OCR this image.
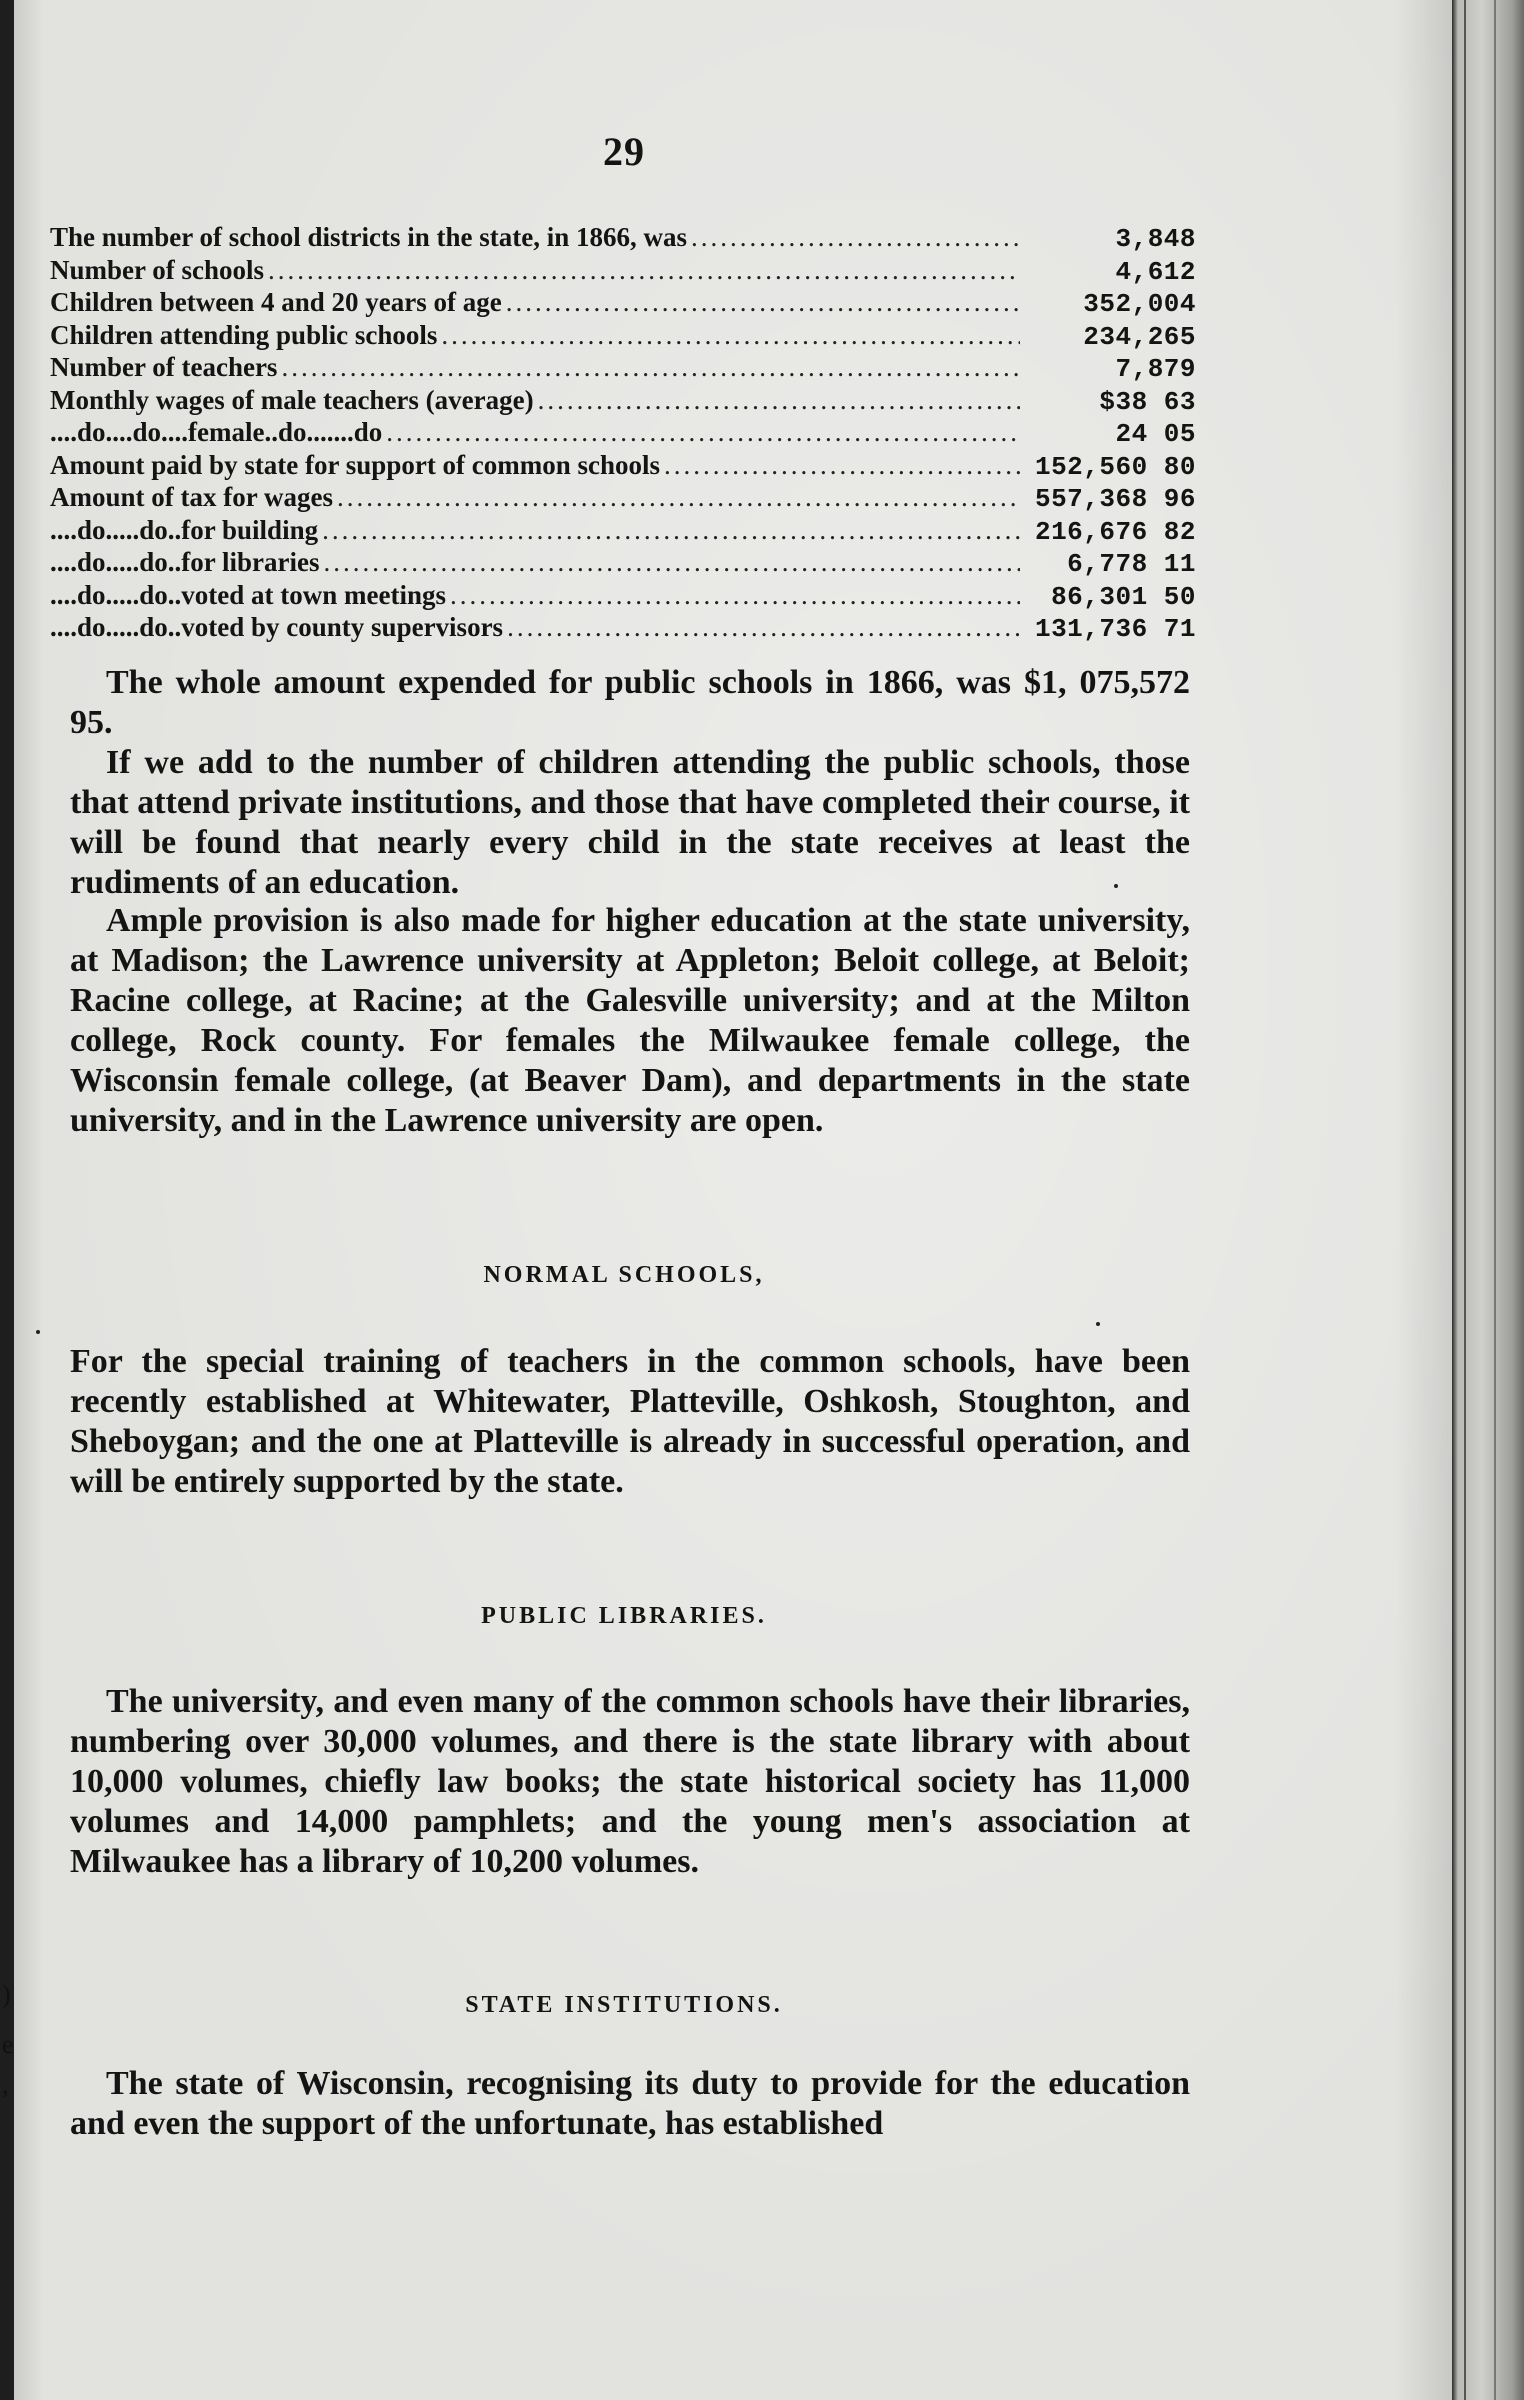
29
The number of school districts in the state, in 1866, was .....	3,848
Number of schools .....	4,612
Children between 4 and 20 years of age .....	352,004
Children attending public schools .....	234,265
Number of teachers .....	7,879
Monthly wages of male teachers (average) .....	$38 63
....do....do....female..do.......do .....	24 05
Amount paid by state for support of common schools .....	152,560 80
Amount of tax for wages .....	557,368 96
....do.....do..for building .....	216,676 82
....do.....do..for libraries .....	6,778 11
....do.....do..voted at town meetings .....	86,301 50
....do.....do..voted by county supervisors .....	131,736 71

The whole amount expended for public schools in 1866, was $1, 075,572 95.

If we add to the number of children attending the public schools, those that attend private institutions, and those that have completed their course, it will be found that nearly every child in the state receives at least the rudiments of an education.

Ample provision is also made for higher education at the state university, at Madison; the Lawrence university at Appleton; Beloit college, at Beloit; Racine college, at Racine; at the Galesville university; and at the Milton college, Rock county. For females the Milwaukee female college, the Wisconsin female college, (at Beaver Dam), and departments in the state university, and in the Lawrence university are open.

NORMAL SCHOOLS,

For the special training of teachers in the common schools, have been recently established at Whitewater, Platteville, Oshkosh, Stoughton, and Sheboygan; and the one at Platteville is already in successful operation, and will be entirely supported by the state.

PUBLIC LIBRARIES.

The university, and even many of the common schools have their libraries, numbering over 30,000 volumes, and there is the state library with about 10,000 volumes, chiefly law books; the state historical society has 11,000 volumes and 14,000 pamphlets; and the young men's association at Milwaukee has a library of 10,200 volumes.

STATE INSTITUTIONS.

The state of Wisconsin, recognising its duty to provide for the education and even the support of the unfortunate, has established

)
e
,
